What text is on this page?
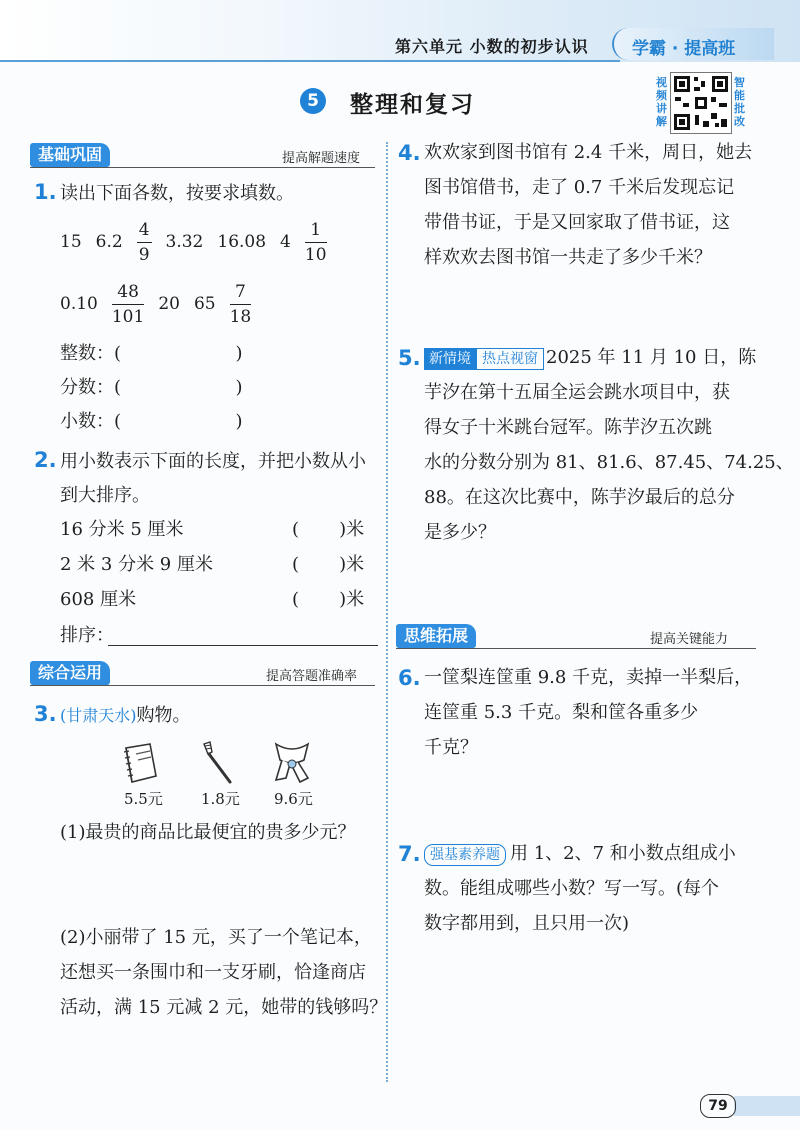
第六单元 小数的初步认识	学霸 · 提高班
5	整理和复习
视频讲解
智能批改
基础巩固	提高解题速度
1. 读出下面各数，按要求填数。
15 $6.2 \frac{4}{9} 3.32$ 16.08 $4 \frac{1}{10}$
$0.10 \frac{48}{101} 20$ $65 \frac{7}{18}$
整数：(                    )
分数：(                    )
小数：(                    )
2. 用小数表示下面的长度，并把小数从小
到大排序。
16 分米 5 厘米	(       )米
2 米 3 分米 9 厘米	(       )米
608 厘米	(       )米
排序：
综合运用	提高答题准确率
3. (甘肃天水)购物。
5.5元	1.8元 9.6元
(1)最贵的商品比最便宜的贵多少元？
(2)小丽带了 15 元，买了一个笔记本，
还想买一条围巾和一支牙刷，恰逢商店
活动，满 15 元减 2 元，她带的钱够吗？
4. 欢欢家到图书馆有 2.4 千米，周日，她去
图书馆借书，走了 0.7 千米后发现忘记
带借书证，于是又回家取了借书证，这
样欢欢去图书馆一共走了多少千米？
5. 新情境 热点视窗 2025 年 11 月 10 日，陈
芋汐在第十五届全运会跳水项目中，获
得女子十米跳台冠军。陈芋汐五次跳
水的分数分别为 81、81.6、87.45、74.25、
88。在这次比赛中，陈芋汐最后的总分
是多少？
思维拓展	提高关键能力
6. 一筐梨连筐重 9.8 千克，卖掉一半梨后，
连筐重 5.3 千克。梨和筐各重多少
千克？
7. 强基素养题 用 1、2、7 和小数点组成小
数。能组成哪些小数？写一写。(每个
数字都用到，且只用一次)
79
